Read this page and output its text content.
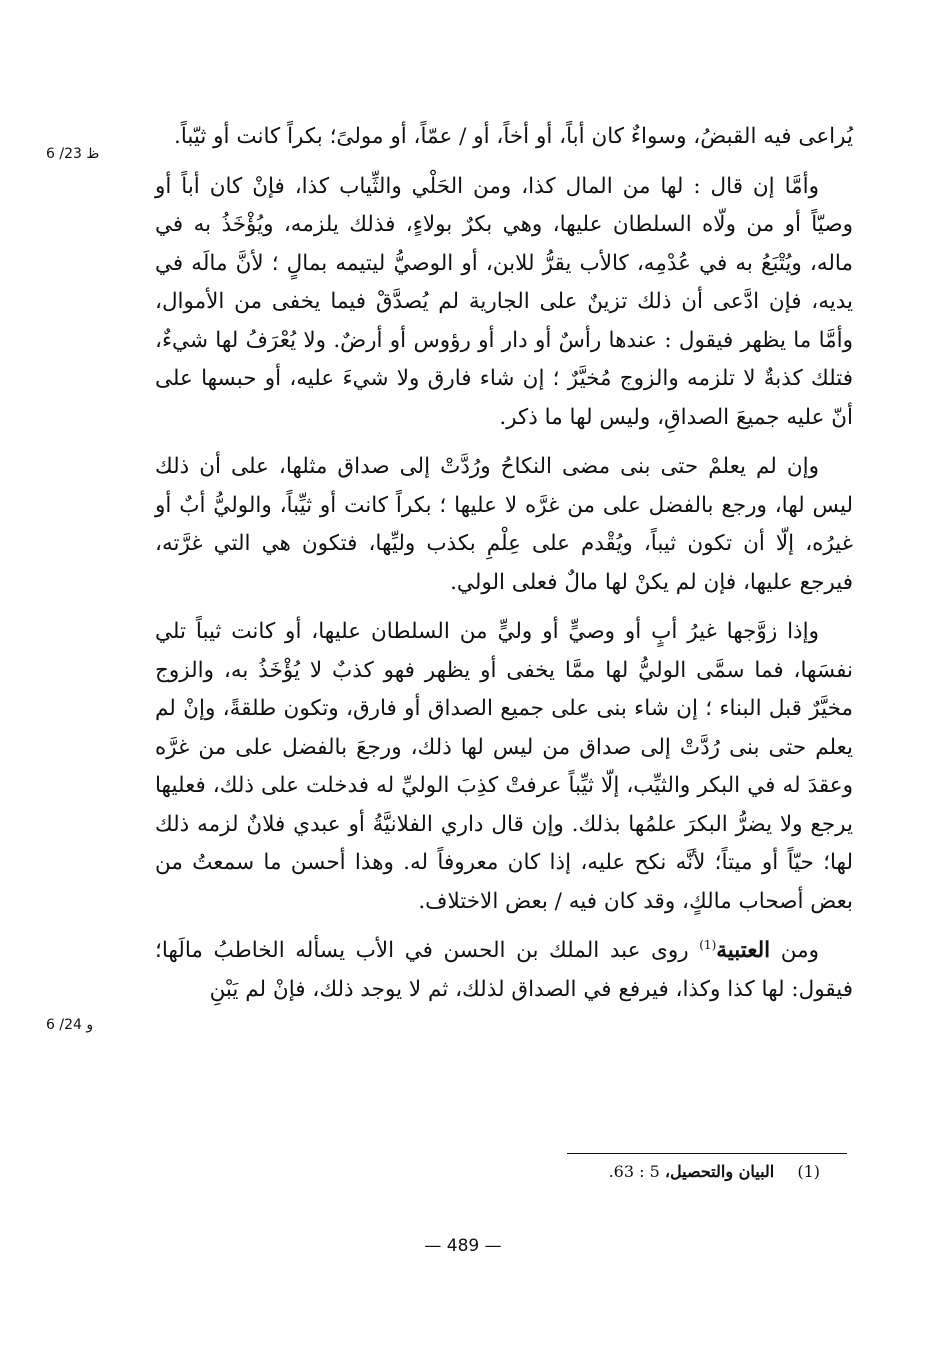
6 /23 ظ
6 /24 و

يُراعى فيه القبضُ، وسواءٌ كان أباً، أو أخاً، أو / عمّاً، أو مولىً؛ بكراً كانت أو ثيّباً.

وأمَّا إن قال : لها من المال كذا، ومن الحَلْي والثِّياب كذا، فإنْ كان أباً أو وصيّاً أو من ولّاه السلطان عليها، وهي بكرٌ بولاءٍ، فذلك يلزمه، ويُؤْخَذُ به في ماله، ويُتْبَعُ به في عُدْمِه، كالأب يقرُّ للابن، أو الوصيُّ ليتيمه بمالٍ ؛ لأنَّ مالَه في يديه، فإن ادَّعى أن ذلك تزينٌ على الجارية لم يُصدَّقْ فيما يخفى من الأموال، وأمَّا ما يظهر فيقول : عندها رأسٌ أو دار أو رؤوس أو أرضٌ. ولا يُعْرَفُ لها شيءٌ، فتلك كذبةٌ لا تلزمه والزوج مُخيَّرٌ ؛ إن شاء فارق ولا شيءَ عليه، أو حبسها على أنّ عليه جميعَ الصداقِ، وليس لها ما ذكر.

وإن لم يعلمْ حتى بنى مضى النكاحُ ورُدَّتْ إلى صداق مثلها، على أن ذلك ليس لها، ورجع بالفضل على من غرَّه لا عليها ؛ بكراً كانت أو ثيِّباً، والوليُّ أبٌ أو غيرُه، إلّا أن تكون ثيباً، ويُقْدم على عِلْمِ بكذب وليِّها، فتكون هي التي غرَّته، فيرجع عليها، فإن لم يكنْ لها مالٌ فعلى الولي.

وإذا زوَّجها غيرُ أبٍ أو وصيٍّ أو وليٍّ من السلطان عليها، أو كانت ثيباً تلي نفسَها، فما سمَّى الوليُّ لها ممَّا يخفى أو يظهر فهو كذبٌ لا يُؤْخَذُ به، والزوج مخيَّرٌ قبل البناء ؛ إن شاء بنى على جميع الصداق أو فارق، وتكون طلقةً، وإنْ لم يعلم حتى بنى رُدَّتْ إلى صداق من ليس لها ذلك، ورجعَ بالفضل على من غرَّه وعقدَ له في البكر والثيِّب، إلّا ثيِّباً عرفتْ كذِبَ الوليِّ له فدخلت على ذلك، فعليها يرجع ولا يضرُّ البكرَ علمُها بذلك. وإن قال داري الفلانيَّةُ أو عبدي فلانٌ لزمه ذلك لها؛ حيّاً أو ميتاً؛ لأنَّه نكح عليه، إذا كان معروفاً له. وهذا أحسن ما سمعتُ من بعض أصحاب مالكٍ، وقد كان فيه / بعض الاختلاف.

ومن العتبية$^{(1)}$ روى عبد الملك بن الحسن في الأب يسأله الخاطبُ مالَها؛ فيقول: لها كذا وكذا، فيرفع في الصداق لذلك، ثم لا يوجد ذلك، فإنْ لم يَبْنِ

(1) البيان والتحصيل، 5 : 63.
— 489 —
